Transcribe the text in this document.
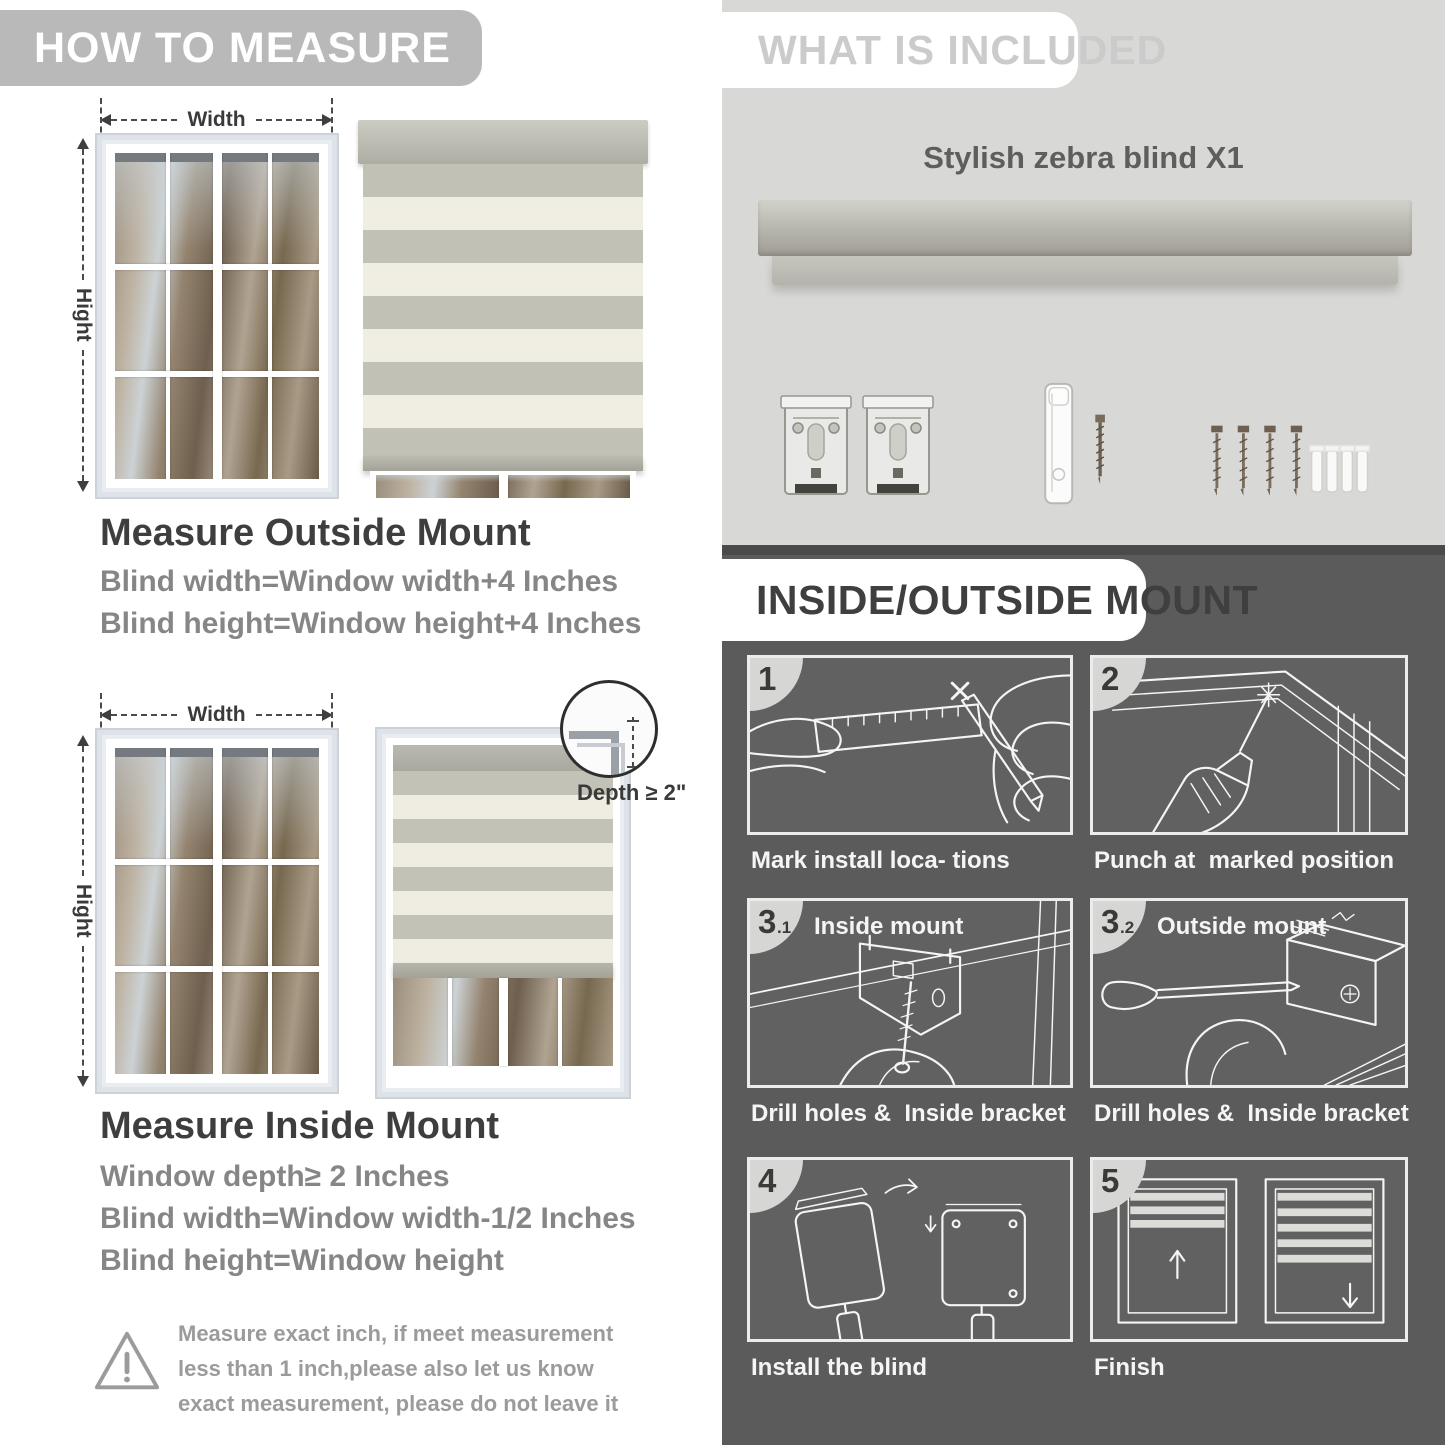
HOW TO MEASURE
Width
Hight
Measure Outside Mount
Blind width=Window width+4 Inches
Blind height=Window height+4 Inches
Width
Hight
Depth ≥ 2"
Measure Inside Mount
Window depth≥ 2 Inches
Blind width=Window width-1/2 Inches
Blind height=Window height
Measure exact inch, if meet measurement less than 1 inch,please also let us know exact measurement, please do not leave it
WHAT IS INCLUDED
Stylish zebra blind X1
INSIDE/OUTSIDE MOUNT
1
Mark install loca- tions
2
Punch at  marked position
3 .1 Inside mount
Drill holes &  Inside bracket
3 .2 Outside mount
Drill holes &  Inside bracket
4
Install the blind
5
Finish
